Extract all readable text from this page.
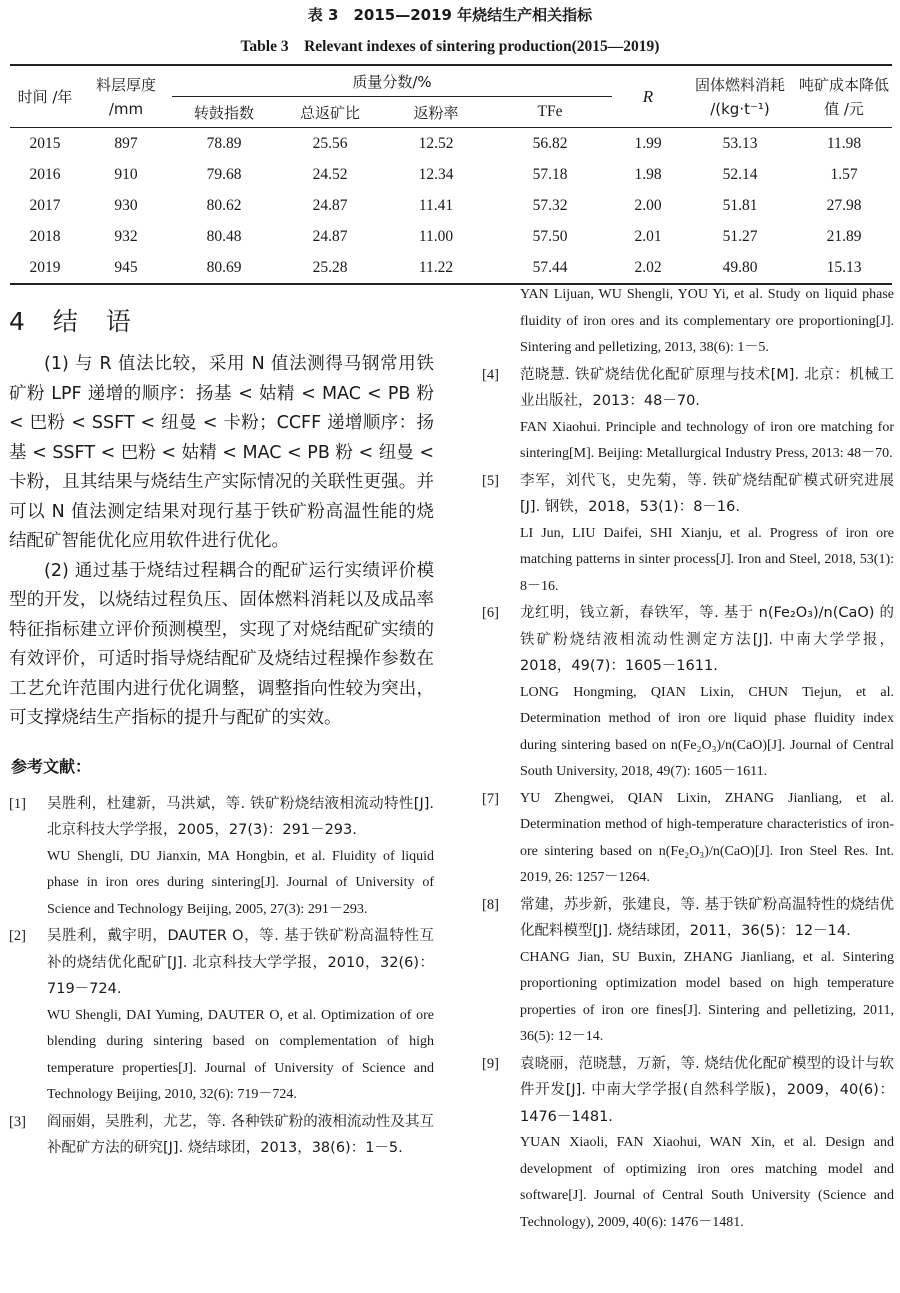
表 3　2015—2019 年烧结生产相关指标
Table 3　Relevant indexes of sintering production(2015—2019)
时间 /年	料层厚度 /mm	质量分数/%				R	固体燃料消耗 /(kg·t⁻¹)	吨矿成本降低值 /元
		转鼓指数	总返矿比	返粉率	TFe			
2015	897	78.89	25.56	12.52	56.82	1.99	53.13	11.98
2016	910	79.68	24.52	12.34	57.18	1.98	52.14	1.57
2017	930	80.62	24.87	11.41	57.32	2.00	51.81	27.98
2018	932	80.48	24.87	11.00	57.50	2.01	51.27	21.89
2019	945	80.69	25.28	11.22	57.44	2.02	49.80	15.13
4 结 语

(1) 与 R 值法比较，采用 N 值法测得马钢常用铁矿粉 LPF 递增的顺序：扬基 < 姑精 < MAC < PB 粉 < 巴粉 < SSFT < 纽曼 < 卡粉；CCFF 递增顺序：扬基 < SSFT < 巴粉 < 姑精 < MAC < PB 粉 < 纽曼 < 卡粉，且其结果与烧结生产实际情况的关联性更强。并可以 N 值法测定结果对现行基于铁矿粉高温性能的烧结配矿智能优化应用软件进行优化。

(2) 通过基于烧结过程耦合的配矿运行实绩评价模型的开发，以烧结过程负压、固体燃料消耗以及成品率特征指标建立评价预测模型，实现了对烧结配矿实绩的有效评价，可适时指导烧结配矿及烧结过程操作参数在工艺允许范围内进行优化调整，调整指向性较为突出，可支撑烧结生产指标的提升与配矿的实效。

参考文献：
[1]	吴胜利，杜建新，马洪斌，等. 铁矿粉烧结液相流动特性[J]. 北京科技大学学报，2005，27(3)：291－293.
WU Shengli, DU Jianxin, MA Hongbin, et al. Fluidity of liquid phase in iron ores during sintering[J]. Journal of University of Science and Technology Beijing, 2005, 27(3): 291－293.
[2]	吴胜利，戴宇明，DAUTER O，等. 基于铁矿粉高温特性互补的烧结优化配矿[J]. 北京科技大学学报，2010，32(6)：719－724.
WU Shengli, DAI Yuming, DAUTER O, et al. Optimization of ore blending during sintering based on complementation of high temperature properties[J]. Journal of University of Science and Technology Beijing, 2010, 32(6): 719－724.
[3]	阎丽娟，吴胜利，尤艺，等. 各种铁矿粉的液相流动性及其互补配矿方法的研究[J]. 烧结球团，2013，38(6)：1－5.
YAN Lijuan, WU Shengli, YOU Yi, et al. Study on liquid phase fluidity of iron ores and its complementary ore proportioning[J]. Sintering and pelletizing, 2013, 38(6): 1－5.
[4]	范晓慧. 铁矿烧结优化配矿原理与技术[M]. 北京：机械工业出版社，2013：48－70.
FAN Xiaohui. Principle and technology of iron ore matching for sintering[M]. Beijing: Metallurgical Industry Press, 2013: 48－70.
[5]	李军，刘代飞，史先菊，等. 铁矿烧结配矿模式研究进展[J]. 钢铁，2018，53(1)：8－16.
LI Jun, LIU Daifei, SHI Xianju, et al. Progress of iron ore matching patterns in sinter process[J]. Iron and Steel, 2018, 53(1): 8－16.
[6]	龙红明，钱立新，春铁军，等. 基于 n(Fe₂O₃)/n(CaO) 的铁矿粉烧结液相流动性测定方法[J]. 中南大学学报，2018，49(7)：1605－1611.
LONG Hongming, QIAN Lixin, CHUN Tiejun, et al. Determination method of iron ore liquid phase fluidity index during sintering based on n(Fe₂O₃)/n(CaO)[J]. Journal of Central South University, 2018, 49(7): 1605－1611.
[7]	YU Zhengwei, QIAN Lixin, ZHANG Jianliang, et al. Determination method of high-temperature characteristics of iron-ore sintering based on n(Fe₂O₃)/n(CaO)[J]. Iron Steel Res. Int. 2019, 26: 1257－1264.
[8]	常建，苏步新，张建良，等. 基于铁矿粉高温特性的烧结优化配料模型[J]. 烧结球团，2011，36(5)：12－14.
CHANG Jian, SU Buxin, ZHANG Jianliang, et al. Sintering proportioning optimization model based on high temperature properties of iron ore fines[J]. Sintering and pelletizing, 2011, 36(5): 12－14.
[9]	袁晓丽，范晓慧，万新，等. 烧结优化配矿模型的设计与软件开发[J]. 中南大学学报(自然科学版)，2009，40(6)：1476－1481.
YUAN Xiaoli, FAN Xiaohui, WAN Xin, et al. Design and development of optimizing iron ores matching model and software[J]. Journal of Central South University (Science and Technology), 2009, 40(6): 1476－1481.
